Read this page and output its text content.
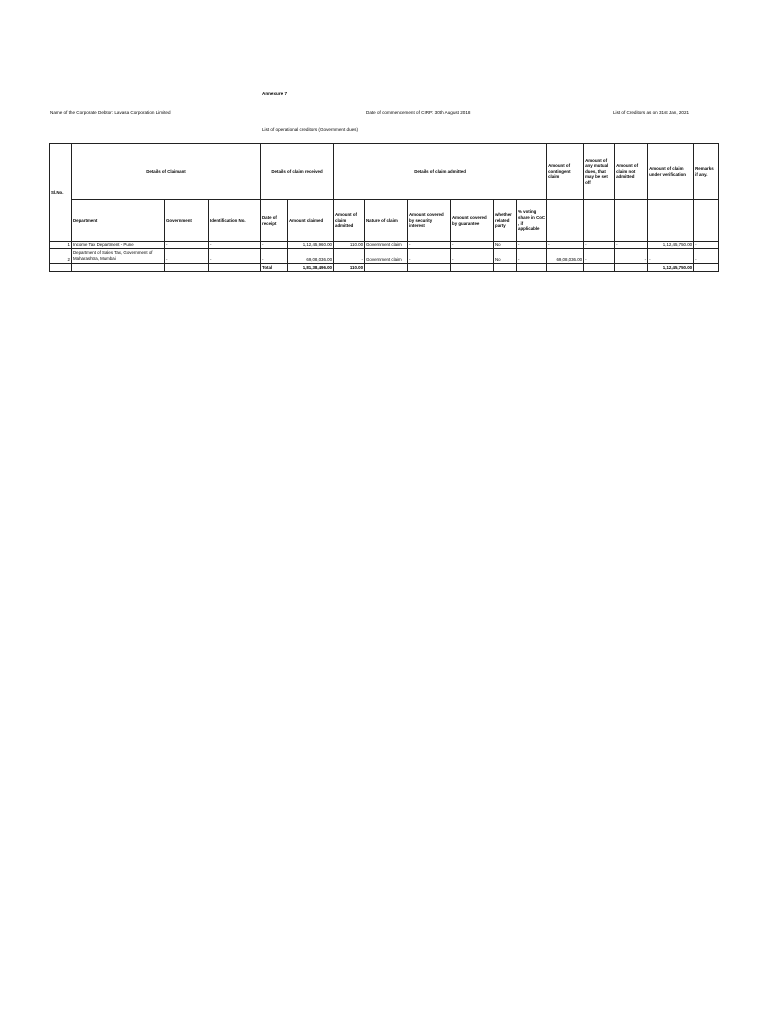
Annexure 7
Name of the Corporate Debtor: Lavasa Corporation Limited	Date of commencement of CIRP: 30th August 2018	List of Creditors as on 31st Jan, 2021
List of operational creditors (Government dues)
Sl.No.	Details of Claimant			Details of claim received		Details of claim admitted						Amount of contingent claim	Amount of any mutual dues, that may be set off	Amount of claim not admitted	Amount of claim under verification	Remarks if any.
	Department	Government	Identification No.	Date of receipt	Amount claimed	Amount of claim admitted	Nature of claim	Amount covered by security interest	Amount covered by guarantee	whether related party	% voting share in CoC , if applicable					
1	Income Tax Department - Pune	-	-	-	1,12,45,960.00	110.00	Government claim	-	-	No	-	-	-	-	1,12,45,750.00	-
2	Department of Sales Tax, Government of Maharashtra, Mumbai	-	-	-	69,08,036.00	-	Government claim	-	-	No	-	69,08,036.00	-	-	-	-
				Total	1,81,38,496.00	110.00									1,12,45,750.00	
